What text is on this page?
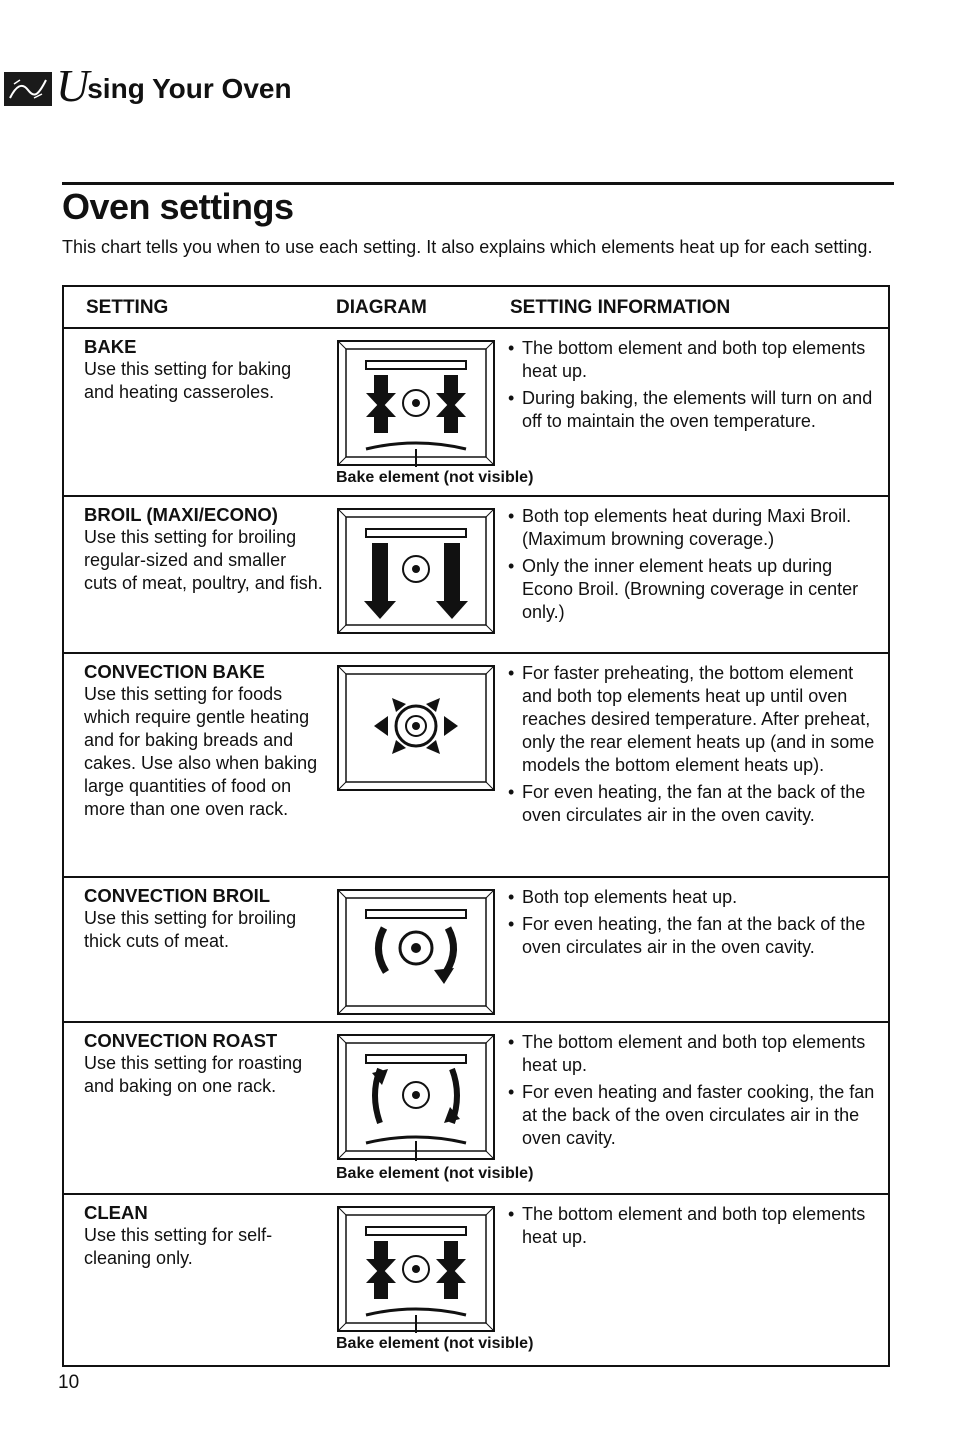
U
sing Your Oven
Oven settings

This chart tells you when to use each setting. It also explains which elements heat up for each setting.

SETTING	DIAGRAM	SETTING INFORMATION
BAKE
Use this setting for baking and heating casseroles.
Bake element (not visible)
• The bottom element and both top elements heat up.
• During baking, the elements will turn on and off to maintain the oven temperature.
BROIL (MAXI/ECONO)
Use this setting for broiling regular-sized and smaller cuts of meat, poultry, and fish.
• Both top elements heat during Maxi Broil. (Maximum browning coverage.)
• Only the inner element heats up during Econo Broil. (Browning coverage in center only.)
CONVECTION BAKE
Use this setting for foods which require gentle heating and for baking breads and cakes. Use also when baking large quantities of food on more than one oven rack.
• For faster preheating, the bottom element and both top elements heat up until oven reaches desired temperature. After preheat, only the rear element heats up (and in some models the bottom element heats up).
• For even heating, the fan at the back of the oven circulates air in the oven cavity.
CONVECTION BROIL
Use this setting for broiling thick cuts of meat.
• Both top elements heat up.
• For even heating, the fan at the back of the oven circulates air in the oven cavity.
CONVECTION ROAST
Use this setting for roasting and baking on one rack.
Bake element (not visible)
• The bottom element and both top elements heat up.
• For even heating and faster cooking, the fan at the back of the oven circulates air in the oven cavity.
CLEAN
Use this setting for self-cleaning only.
Bake element (not visible)
• The bottom element and both top elements heat up.
10
